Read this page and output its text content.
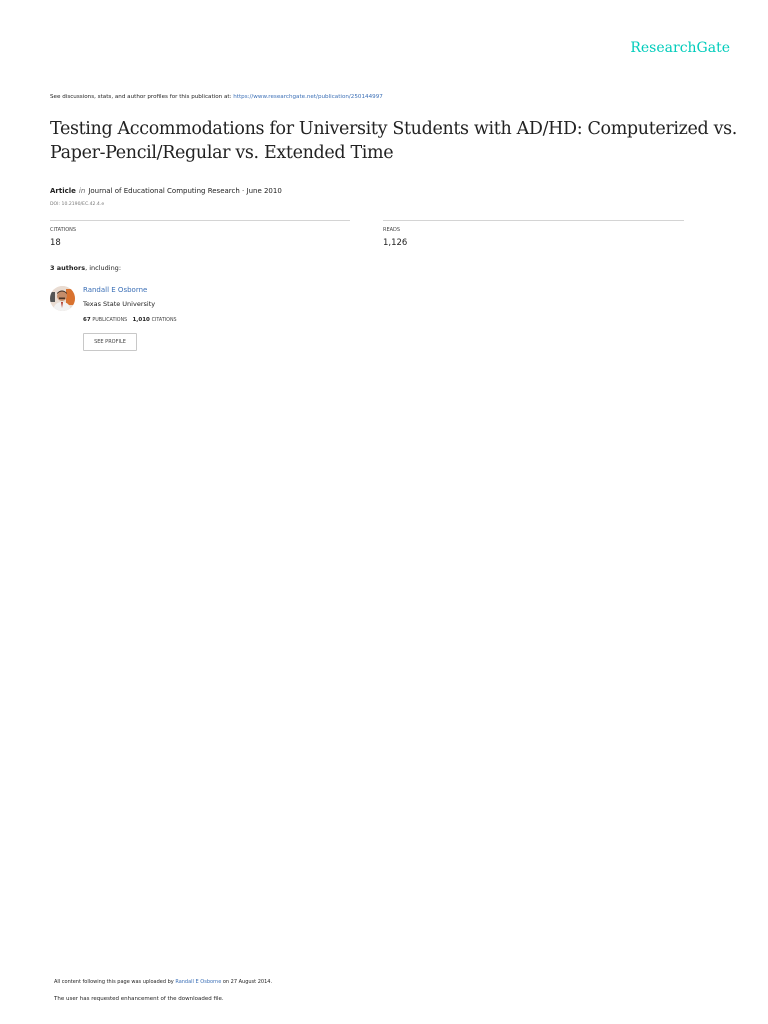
ResearchGate
See discussions, stats, and author profiles for this publication at: https://www.researchgate.net/publication/250144997
Testing Accommodations for University Students with AD/HD: Computerized vs. Paper-Pencil/Regular vs. Extended Time
Article in Journal of Educational Computing Research · June 2010
DOI: 10.2190/EC.42.4.e
CITATIONS
18
READS
1,126
3 authors, including:
Randall E Osborne
Texas State University
67 PUBLICATIONS 1,010 CITATIONS
SEE PROFILE
All content following this page was uploaded by Randall E Osborne on 27 August 2014.
The user has requested enhancement of the downloaded file.
